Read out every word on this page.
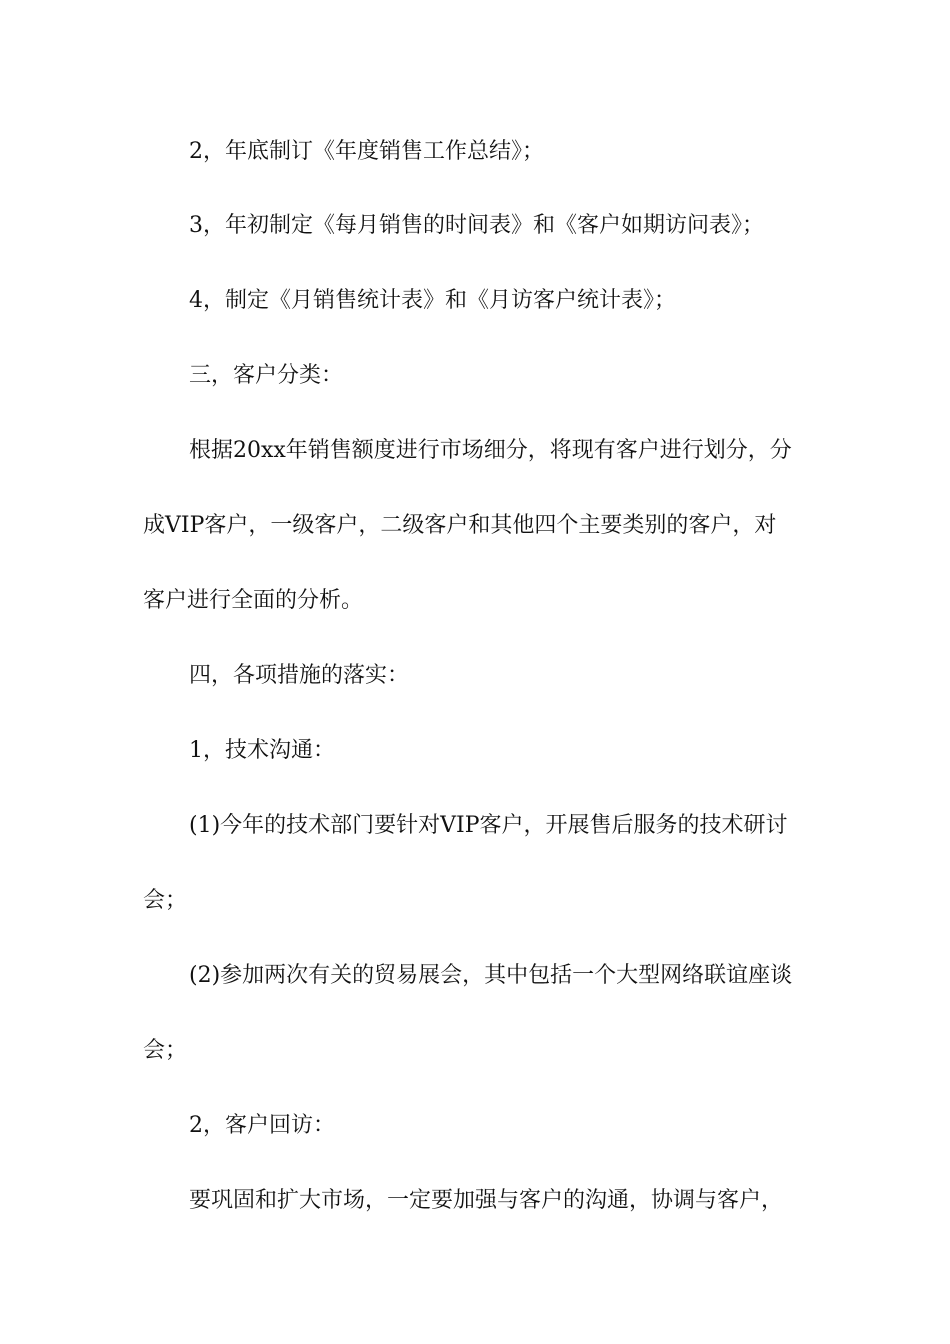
2，年底制订《年度销售工作总结》；
3，年初制定《每月销售的时间表》和《客户如期访问表》；
4，制定《月销售统计表》和《月访客户统计表》；
三，客户分类：
根据20xx年销售额度进行市场细分，将现有客户进行划分，分
成VIP客户，一级客户，二级客户和其他四个主要类别的客户，对
客户进行全面的分析。
四，各项措施的落实：
1，技术沟通：
(1)今年的技术部门要针对VIP客户，开展售后服务的技术研讨
会；
(2)参加两次有关的贸易展会，其中包括一个大型网络联谊座谈
会；
2，客户回访：
要巩固和扩大市场，一定要加强与客户的沟通，协调与客户，
